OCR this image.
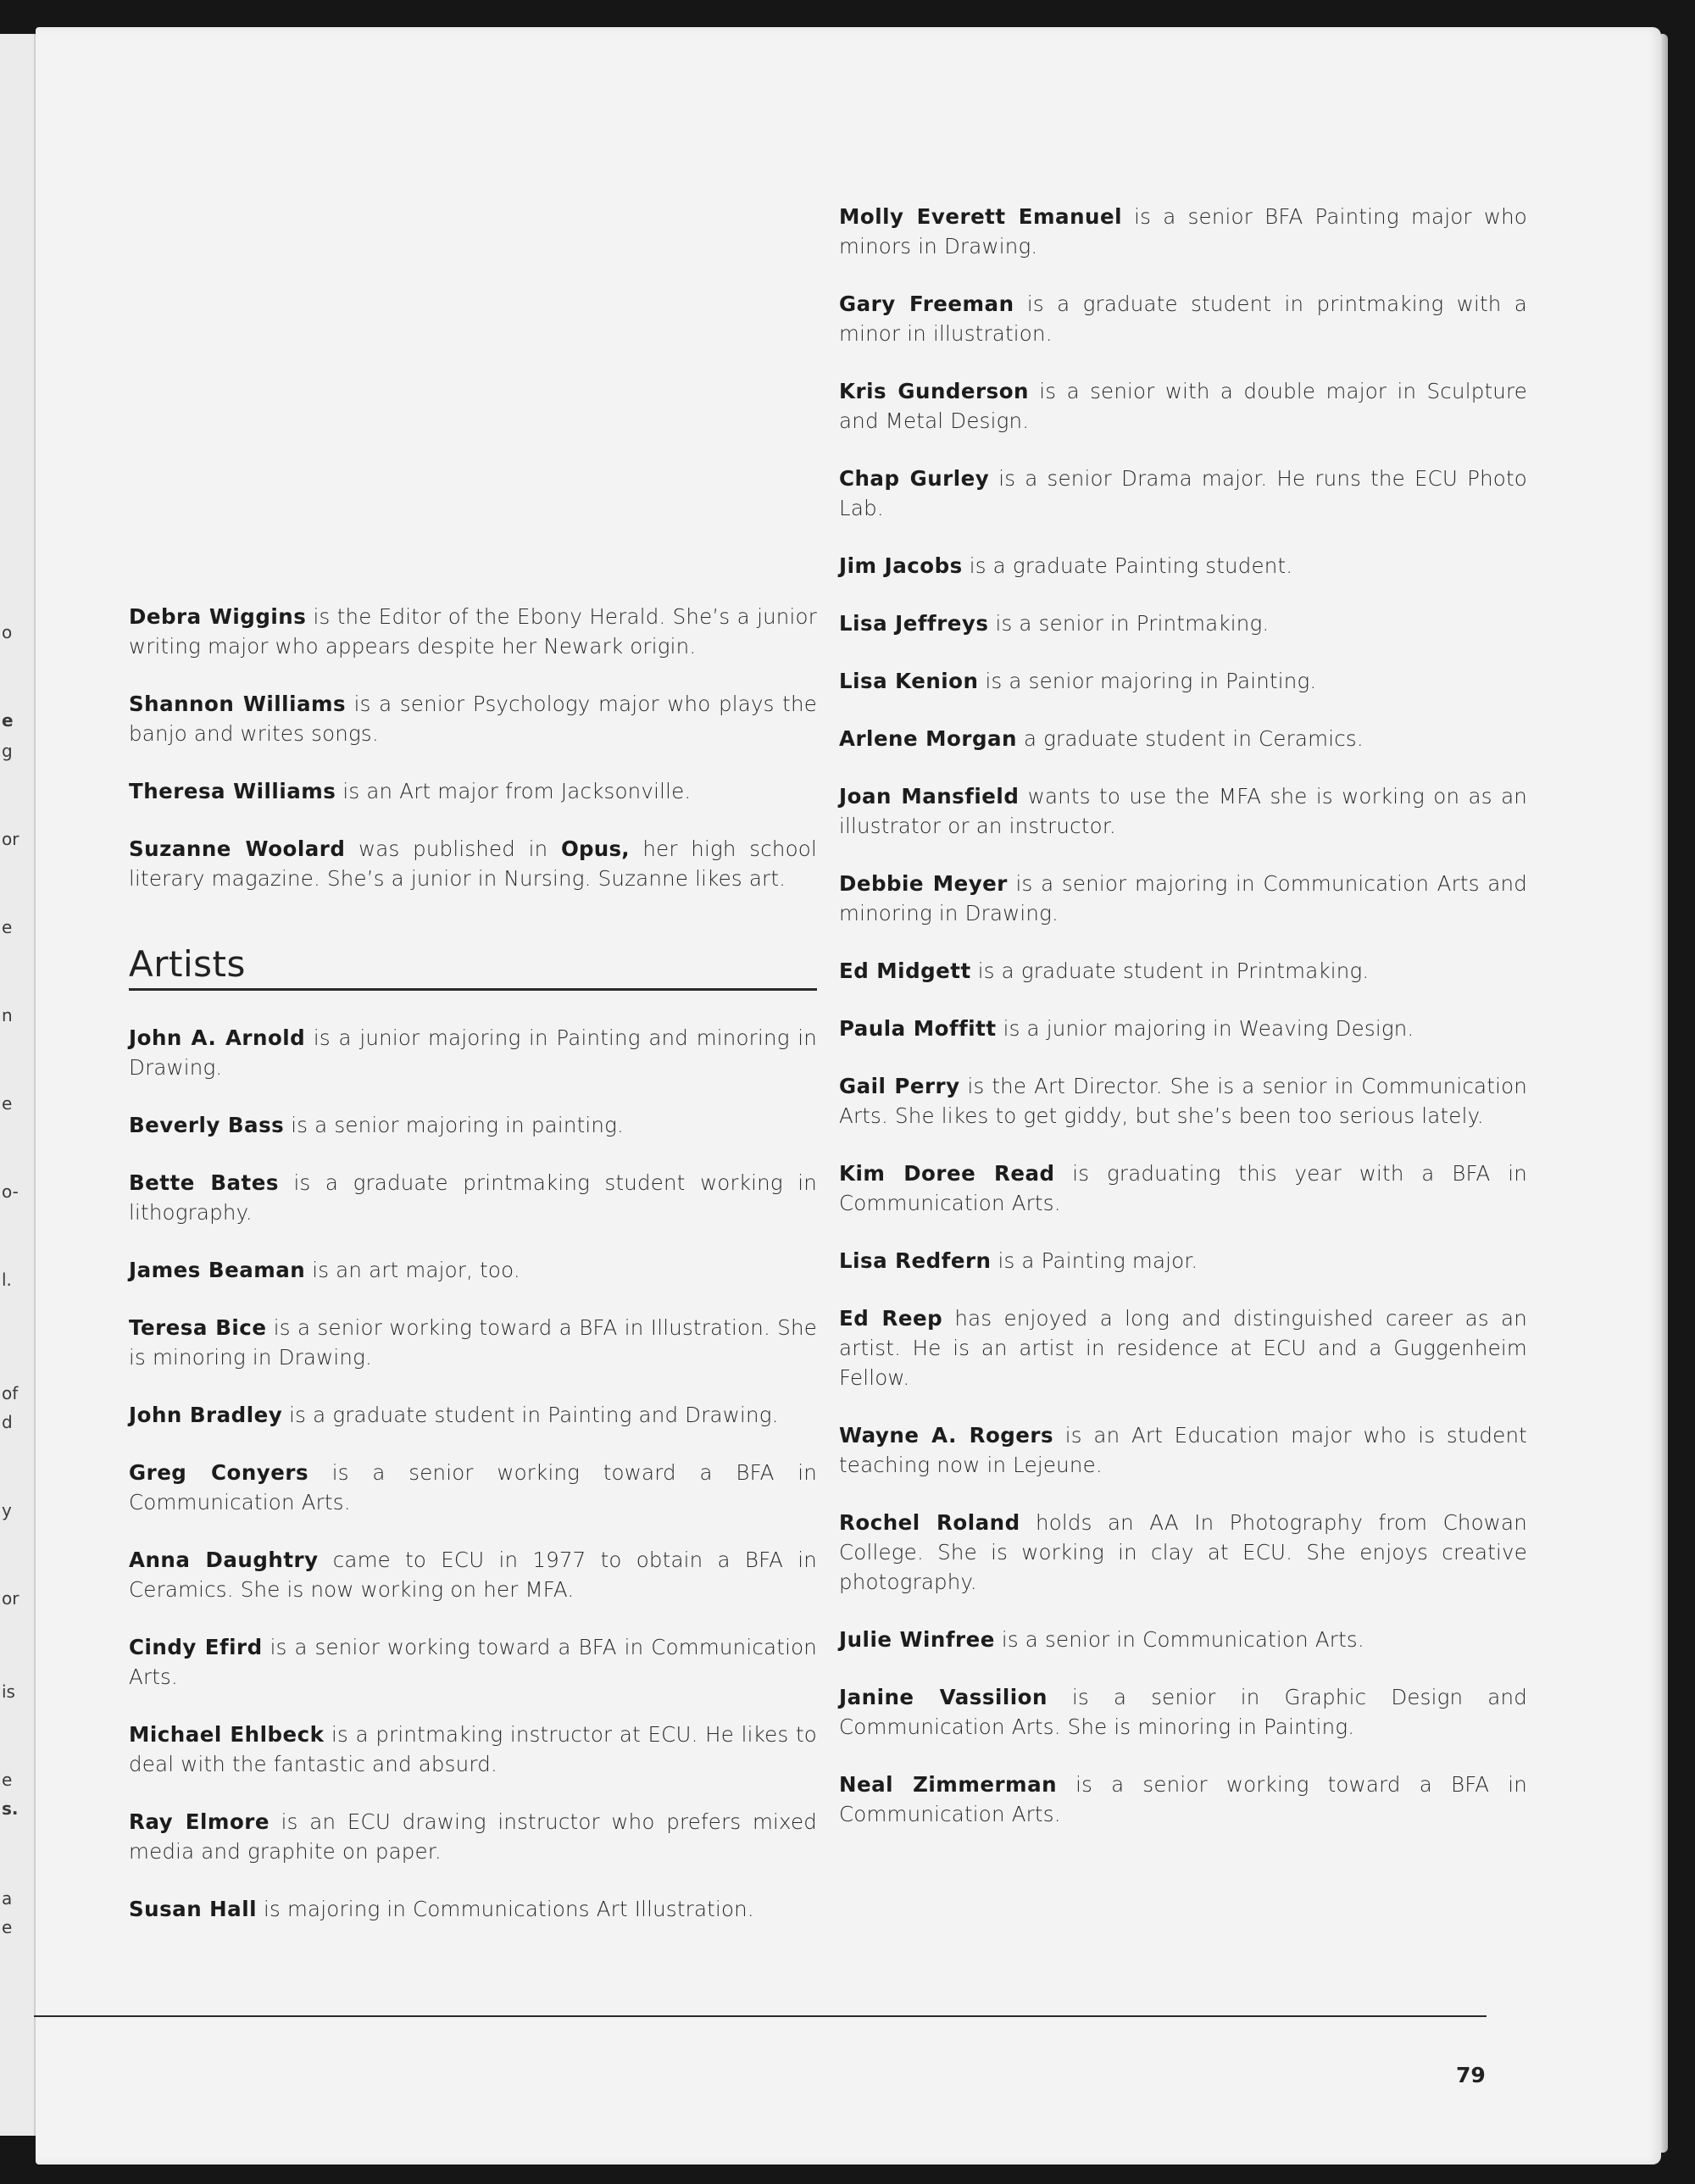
o
e
g
or
e
n
e
o-
l.
of
d
y
or
is
e
s.
a
e

Debra Wiggins is the Editor of the Ebony Herald. She’s a junior writing major who appears despite her Newark origin.

Shannon Williams is a senior Psychology major who plays the banjo and writes songs.

Theresa Williams is an Art major from Jacksonville.

Suzanne Woolard was published in Opus, her high school literary magazine. She’s a junior in Nursing. Suzanne likes art.

Artists

John A. Arnold is a junior majoring in Painting and minoring in Drawing.

Beverly Bass is a senior majoring in painting.

Bette Bates is a graduate printmaking student working in lithography.

James Beaman is an art major, too.

Teresa Bice is a senior working toward a BFA in Illustration. She is minoring in Drawing.

John Bradley is a graduate student in Painting and Drawing.

Greg Conyers is a senior working toward a BFA in Communication Arts.

Anna Daughtry came to ECU in 1977 to obtain a BFA in Ceramics. She is now working on her MFA.

Cindy Efird is a senior working toward a BFA in Communication Arts.

Michael Ehlbeck is a printmaking instructor at ECU. He likes to deal with the fantastic and absurd.

Ray Elmore is an ECU drawing instructor who prefers mixed media and graphite on paper.

Susan Hall is majoring in Communications Art Illustration.

Molly Everett Emanuel is a senior BFA Painting major who minors in Drawing.

Gary Freeman is a graduate student in printmaking with a minor in illustration.

Kris Gunderson is a senior with a double major in Sculpture and Metal Design.

Chap Gurley is a senior Drama major. He runs the ECU Photo Lab.

Jim Jacobs is a graduate Painting student.

Lisa Jeffreys is a senior in Printmaking.

Lisa Kenion is a senior majoring in Painting.

Arlene Morgan a graduate student in Ceramics.

Joan Mansfield wants to use the MFA she is working on as an illustrator or an instructor.

Debbie Meyer is a senior majoring in Communication Arts and minoring in Drawing.

Ed Midgett is a graduate student in Printmaking.

Paula Moffitt is a junior majoring in Weaving Design.

Gail Perry is the Art Director. She is a senior in Communication Arts. She likes to get giddy, but she’s been too serious lately.

Kim Doree Read is graduating this year with a BFA in Communication Arts.

Lisa Redfern is a Painting major.

Ed Reep has enjoyed a long and distinguished career as an artist. He is an artist in residence at ECU and a Guggenheim Fellow.

Wayne A. Rogers is an Art Education major who is student teaching now in Lejeune.

Rochel Roland holds an AA In Photography from Chowan College. She is working in clay at ECU. She enjoys creative photography.

Julie Winfree is a senior in Communication Arts.

Janine Vassilion is a senior in Graphic Design and Communication Arts. She is minoring in Painting.

Neal Zimmerman is a senior working toward a BFA in Communication Arts.

79
